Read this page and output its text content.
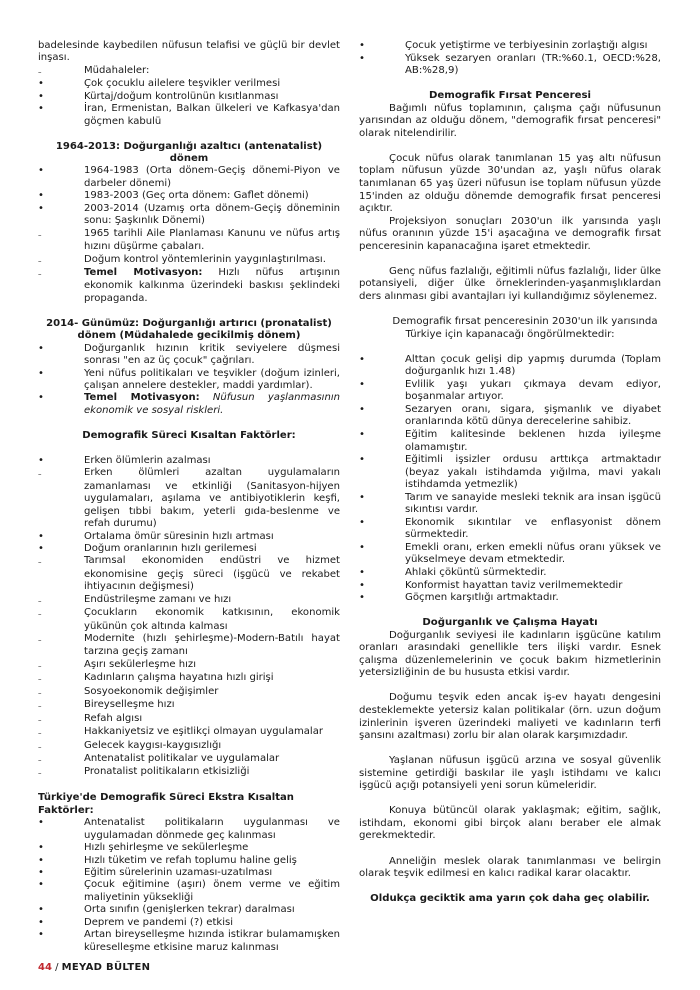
badelesinde kaybedilen nüfusun telafisi ve güçlü bir devlet inşası.

–	Müdahaleler:

•	Çok çocuklu ailelere teşvikler verilmesi

•	Kürtaj/doğum kontrolünün kısıtlanması

•	İran, Ermenistan, Balkan ülkeleri ve Kafkasya'dan göçmen kabulü

1964-2013: Doğurganlığı azaltıcı (antenatalist) dönem

•	1964-1983 (Orta dönem-Geçiş dönemi-Piyon ve darbeler dönemi)

•	1983-2003 (Geç orta dönem: Gaflet dönemi)

•	2003-2014 (Uzamış orta dönem-Geçiş döneminin sonu: Şaşkınlık Dönemi)

–	1965 tarihli Aile Planlaması Kanunu ve nüfus artış hızını düşürme çabaları.

–	Doğum kontrol yöntemlerinin yaygınlaştırılması.

–	Temel Motivasyon: Hızlı nüfus artışının ekonomik kalkınma üzerindeki baskısı şeklindeki propaganda.

2014- Günümüz: Doğurganlığı artırıcı (pronatalist) dönem (Müdahalede gecikilmiş dönem)

•	Doğurganlık hızının kritik seviyelere düşmesi sonrası "en az üç çocuk" çağrıları.

•	Yeni nüfus politikaları ve teşvikler (doğum izinleri, çalışan annelere destekler, maddi yardımlar).

•	Temel Motivasyon: Nüfusun yaşlanmasının ekonomik ve sosyal riskleri.

Demografik Süreci Kısaltan Faktörler:

•	Erken ölümlerin azalması

–	Erken ölümleri azaltan uygulamaların zamanlaması ve etkinliği (Sanitasyon-hijyen uygulamaları, aşılama ve antibiyotiklerin keşfi, gelişen tıbbi bakım, yeterli gıda-beslenme ve refah durumu)

•	Ortalama ömür süresinin hızlı artması

•	Doğum oranlarının hızlı gerilemesi

–	Tarımsal ekonomiden endüstri ve hizmet ekonomisine geçiş süreci (işgücü ve rekabet ihtiyacının değişmesi)

–	Endüstrileşme zamanı ve hızı

–	Çocukların ekonomik katkısının, ekonomik yükünün çok altında kalması

–	Modernite (hızlı şehirleşme)-Modern-Batılı hayat tarzına geçiş zamanı

–	Aşırı sekülerleşme hızı

–	Kadınların çalışma hayatına hızlı girişi

–	Sosyoekonomik değişimler

–	Bireyselleşme hızı

–	Refah algısı

–	Hakkaniyetsiz ve eşitlikçi olmayan uygulamalar

–	Gelecek kaygısı-kaygısızlığı

–	Antenatalist politikalar ve uygulamalar

–	Pronatalist politikaların etkisizliği

Türkiye'de Demografik Süreci Ekstra Kısaltan Faktörler:

•	Antenatalist politikaların uygulanması ve uygulamadan dönmede geç kalınması

•	Hızlı şehirleşme ve sekülerleşme

•	Hızlı tüketim ve refah toplumu haline geliş

•	Eğitim sürelerinin uzaması-uzatılması

•	Çocuk eğitimine (aşırı) önem verme ve eğitim maliyetinin yüksekliği

•	Orta sınıfın (genişlerken tekrar) daralması

•	Deprem ve pandemi (?) etkisi

•	Artan bireyselleşme hızında istikrar bulamamışken küreselleşme etkisine maruz kalınması

•	Çocuk yetiştirme ve terbiyesinin zorlaştığı algısı

•	Yüksek sezaryen oranları (TR:%60.1, OECD:%28, AB:%28,9)

Demografik Fırsat Penceresi

Bağımlı nüfus toplamının, çalışma çağı nüfusunun yarısından az olduğu dönem, "demografik fırsat penceresi" olarak nitelendirilir.

Çocuk nüfus olarak tanımlanan 15 yaş altı nüfusun toplam nüfusun yüzde 30'undan az, yaşlı nüfus olarak tanımlanan 65 yaş üzeri nüfusun ise toplam nüfusun yüzde 15'inden az olduğu dönemde demografik fırsat penceresi açıktır.

Projeksiyon sonuçları 2030'un ilk yarısında yaşlı nüfus oranının yüzde 15'i aşacağına ve demografik fırsat penceresinin kapanacağına işaret etmektedir.

Genç nüfus fazlalığı, eğitimli nüfus fazlalığı, lider ülke potansiyeli, diğer ülke örneklerinden-yaşanmışlıklardan ders alınması gibi avantajları iyi kullandığımız söylenemez.

Demografik fırsat penceresinin 2030'un ilk yarısında Türkiye için kapanacağı öngörülmektedir:

•	Alttan çocuk gelişi dip yapmış durumda (Toplam doğurganlık hızı 1.48)

•	Evlilik yaşı yukarı çıkmaya devam ediyor, boşanmalar artıyor.

•	Sezaryen oranı, sigara, şişmanlık ve diyabet oranlarında kötü dünya derecelerine sahibiz.

•	Eğitim kalitesinde beklenen hızda iyileşme olamamıştır.

•	Eğitimli işsizler ordusu arttıkça artmaktadır (beyaz yakalı istihdamda yığılma, mavi yakalı istihdamda yetmezlik)

•	Tarım ve sanayide mesleki teknik ara insan işgücü sıkıntısı vardır.

•	Ekonomik sıkıntılar ve enflasyonist dönem sürmektedir.

•	Emekli oranı, erken emekli nüfus oranı yüksek ve yükselmeye devam etmektedir.

•	Ahlaki çöküntü sürmektedir.

•	Konformist hayattan taviz verilmemektedir

•	Göçmen karşıtlığı artmaktadır.

Doğurganlık ve Çalışma Hayatı

Doğurganlık seviyesi ile kadınların işgücüne katılım oranları arasındaki genellikle ters ilişki vardır. Esnek çalışma düzenlemelerinin ve çocuk bakım hizmetlerinin yetersizliğinin de bu hususta etkisi vardır.

Doğumu teşvik eden ancak iş-ev hayatı dengesini desteklemekte yetersiz kalan politikalar (örn. uzun doğum izinlerinin işveren üzerindeki maliyeti ve kadınların terfi şansını azaltması) zorlu bir alan olarak karşımızdadır.

Yaşlanan nüfusun işgücü arzına ve sosyal güvenlik sistemine getirdiği baskılar ile yaşlı istihdamı ve kalıcı işgücü açığı potansiyeli yeni sorun kümeleridir.

Konuya bütüncül olarak yaklaşmak; eğitim, sağlık, istihdam, ekonomi gibi birçok alanı beraber ele almak gerekmektedir.

Anneliğin meslek olarak tanımlanması ve belirgin olarak teşvik edilmesi en kalıcı radikal karar olacaktır.

Oldukça geciktik ama yarın çok daha geç olabilir.

44 / MEYAD BÜLTEN
